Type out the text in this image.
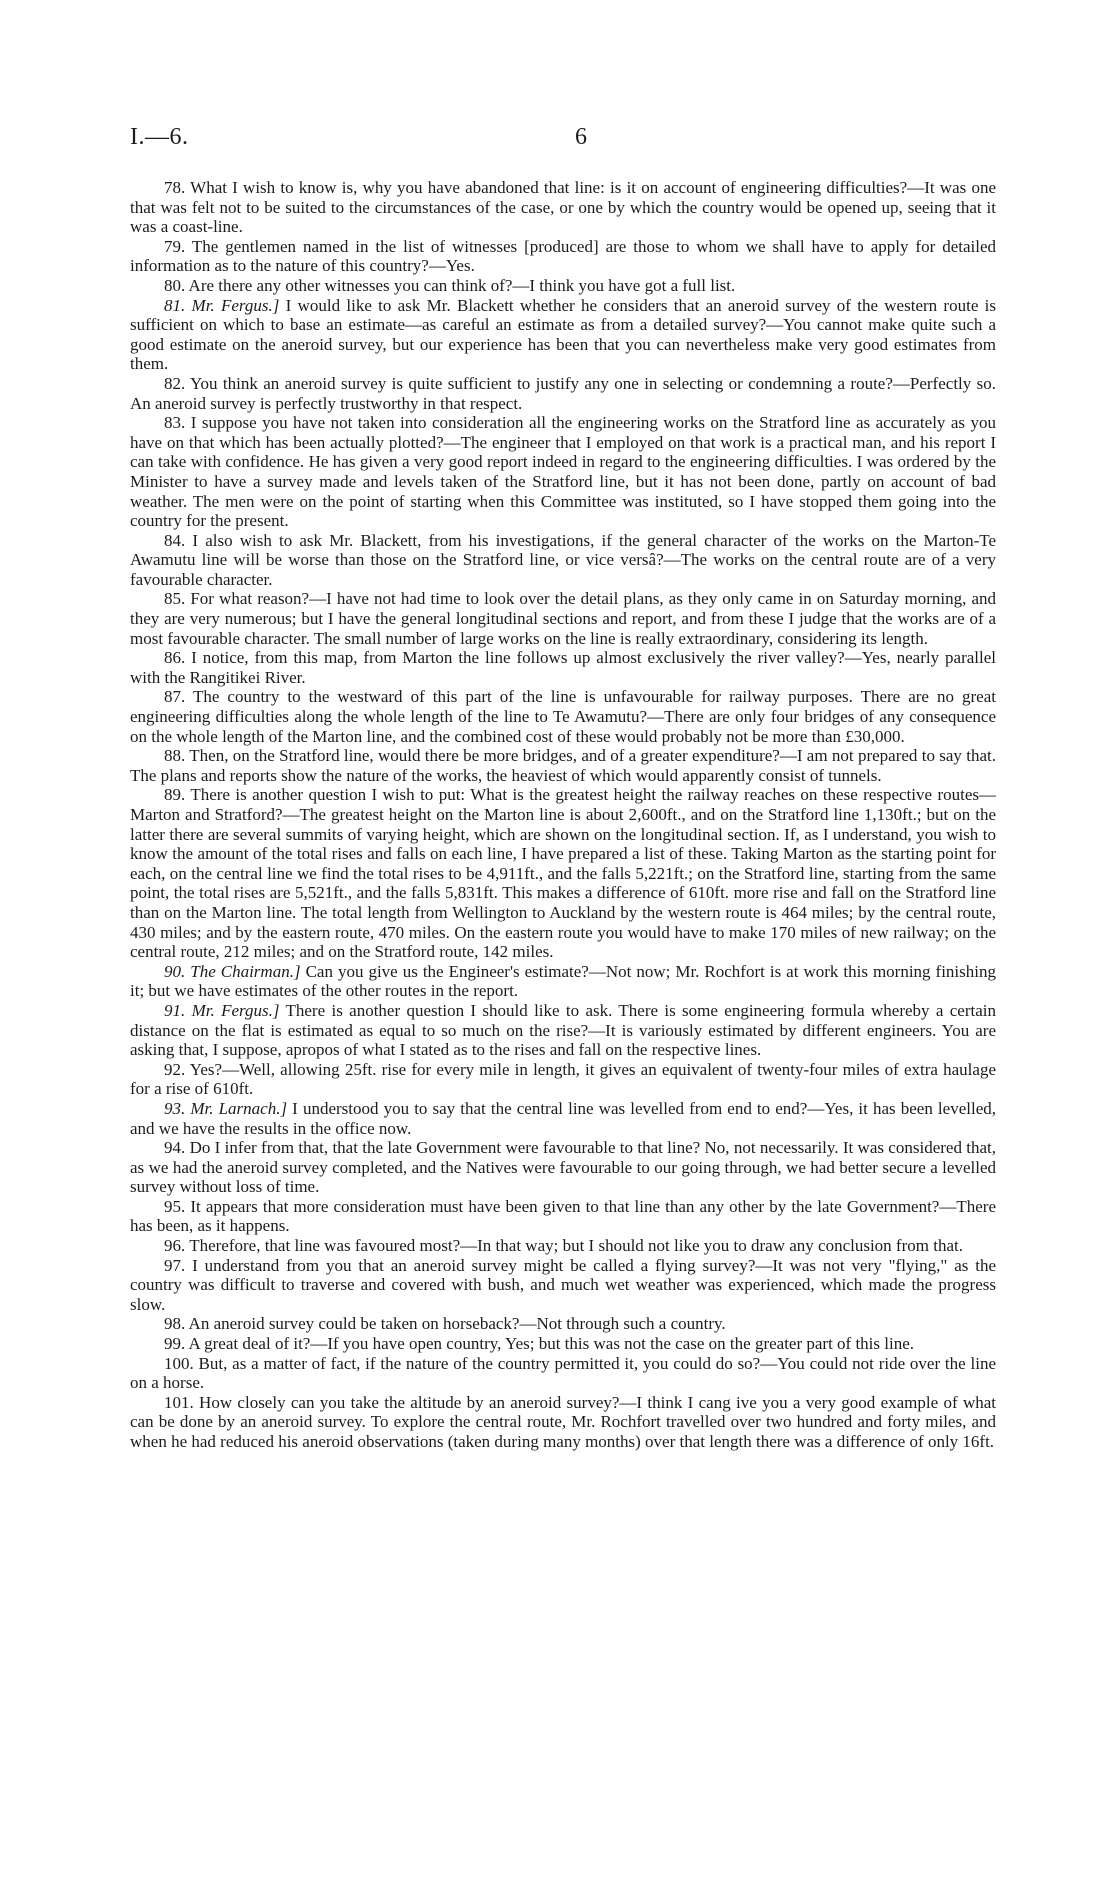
I.—6.	6

78. What I wish to know is, why you have abandoned that line: is it on account of engineering difficulties?—It was one that was felt not to be suited to the circumstances of the case, or one by which the country would be opened up, seeing that it was a coast-line.

79. The gentlemen named in the list of witnesses [produced] are those to whom we shall have to apply for detailed information as to the nature of this country?—Yes.

80. Are there any other witnesses you can think of?—I think you have got a full list.

81. Mr. Fergus.] I would like to ask Mr. Blackett whether he considers that an aneroid survey of the western route is sufficient on which to base an estimate—as careful an estimate as from a detailed survey?—You cannot make quite such a good estimate on the aneroid survey, but our experience has been that you can nevertheless make very good estimates from them.

82. You think an aneroid survey is quite sufficient to justify any one in selecting or condemning a route?—Perfectly so. An aneroid survey is perfectly trustworthy in that respect.

83. I suppose you have not taken into consideration all the engineering works on the Stratford line as accurately as you have on that which has been actually plotted?—The engineer that I employed on that work is a practical man, and his report I can take with confidence. He has given a very good report indeed in regard to the engineering difficulties. I was ordered by the Minister to have a survey made and levels taken of the Stratford line, but it has not been done, partly on account of bad weather. The men were on the point of starting when this Committee was instituted, so I have stopped them going into the country for the present.

84. I also wish to ask Mr. Blackett, from his investigations, if the general character of the works on the Marton-Te Awamutu line will be worse than those on the Stratford line, or vice versâ?—The works on the central route are of a very favourable character.

85. For what reason?—I have not had time to look over the detail plans, as they only came in on Saturday morning, and they are very numerous; but I have the general longitudinal sections and report, and from these I judge that the works are of a most favourable character. The small number of large works on the line is really extraordinary, considering its length.

86. I notice, from this map, from Marton the line follows up almost exclusively the river valley?—Yes, nearly parallel with the Rangitikei River.

87. The country to the westward of this part of the line is unfavourable for railway purposes. There are no great engineering difficulties along the whole length of the line to Te Awamutu?—There are only four bridges of any consequence on the whole length of the Marton line, and the combined cost of these would probably not be more than £30,000.

88. Then, on the Stratford line, would there be more bridges, and of a greater expenditure?—I am not prepared to say that. The plans and reports show the nature of the works, the heaviest of which would apparently consist of tunnels.

89. There is another question I wish to put: What is the greatest height the railway reaches on these respective routes—Marton and Stratford?—The greatest height on the Marton line is about 2,600ft., and on the Stratford line 1,130ft.; but on the latter there are several summits of varying height, which are shown on the longitudinal section. If, as I understand, you wish to know the amount of the total rises and falls on each line, I have prepared a list of these. Taking Marton as the starting point for each, on the central line we find the total rises to be 4,911ft., and the falls 5,221ft.; on the Stratford line, starting from the same point, the total rises are 5,521ft., and the falls 5,831ft. This makes a difference of 610ft. more rise and fall on the Stratford line than on the Marton line. The total length from Wellington to Auckland by the western route is 464 miles; by the central route, 430 miles; and by the eastern route, 470 miles. On the eastern route you would have to make 170 miles of new railway; on the central route, 212 miles; and on the Stratford route, 142 miles.

90. The Chairman.] Can you give us the Engineer's estimate?—Not now; Mr. Rochfort is at work this morning finishing it; but we have estimates of the other routes in the report.

91. Mr. Fergus.] There is another question I should like to ask. There is some engineering formula whereby a certain distance on the flat is estimated as equal to so much on the rise?—It is variously estimated by different engineers. You are asking that, I suppose, apropos of what I stated as to the rises and fall on the respective lines.

92. Yes?—Well, allowing 25ft. rise for every mile in length, it gives an equivalent of twenty-four miles of extra haulage for a rise of 610ft.

93. Mr. Larnach.] I understood you to say that the central line was levelled from end to end?—Yes, it has been levelled, and we have the results in the office now.

94. Do I infer from that, that the late Government were favourable to that line? No, not necessarily. It was considered that, as we had the aneroid survey completed, and the Natives were favourable to our going through, we had better secure a levelled survey without loss of time.

95. It appears that more consideration must have been given to that line than any other by the late Government?—There has been, as it happens.

96. Therefore, that line was favoured most?—In that way; but I should not like you to draw any conclusion from that.

97. I understand from you that an aneroid survey might be called a flying survey?—It was not very "flying," as the country was difficult to traverse and covered with bush, and much wet weather was experienced, which made the progress slow.

98. An aneroid survey could be taken on horseback?—Not through such a country.

99. A great deal of it?—If you have open country, Yes; but this was not the case on the greater part of this line.

100. But, as a matter of fact, if the nature of the country permitted it, you could do so?—You could not ride over the line on a horse.

101. How closely can you take the altitude by an aneroid survey?—I think I cang ive you a very good example of what can be done by an aneroid survey. To explore the central route, Mr. Rochfort travelled over two hundred and forty miles, and when he had reduced his aneroid observations (taken during many months) over that length there was a difference of only 16ft.
